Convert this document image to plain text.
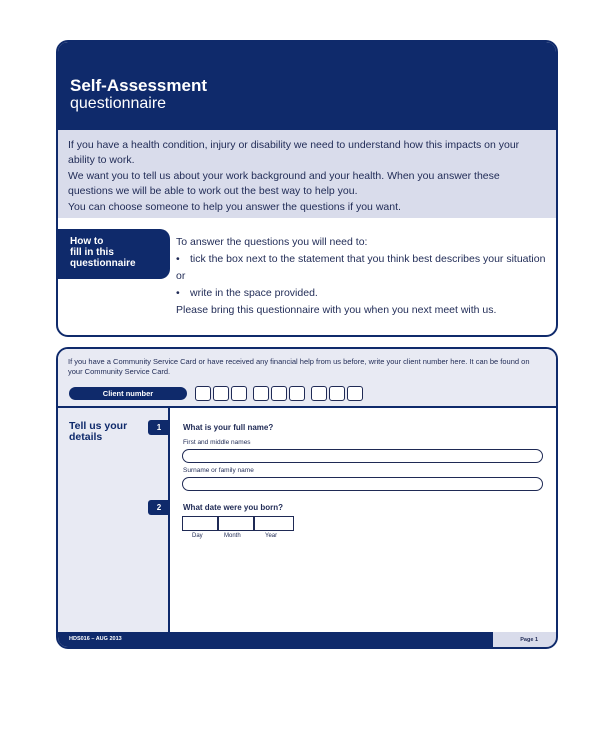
Self-Assessment
questionnaire

If you have a health condition, injury or disability we need to understand how this impacts on your ability to work.

We want you to tell us about your work background and your health. When you answer these questions we will be able to work out the best way to help you.

You can choose someone to help you answer the questions if you want.

How to
fill in this
questionnaire
To answer the questions you will need to:
• tick the box next to the statement that you think best describes your situation
or
• write in the space provided.
Please bring this questionnaire with you when you next meet with us.
If you have a Community Service Card or have received any financial help from us before, write your client number here. It can be found on your Community Service Card.
Client number
Tell us your
details
1	What is your full name?
First and middle names
Surname or family name
2	What date were you born?
Day	Month	Year
HDS016 – AUG 2013	Page 1
